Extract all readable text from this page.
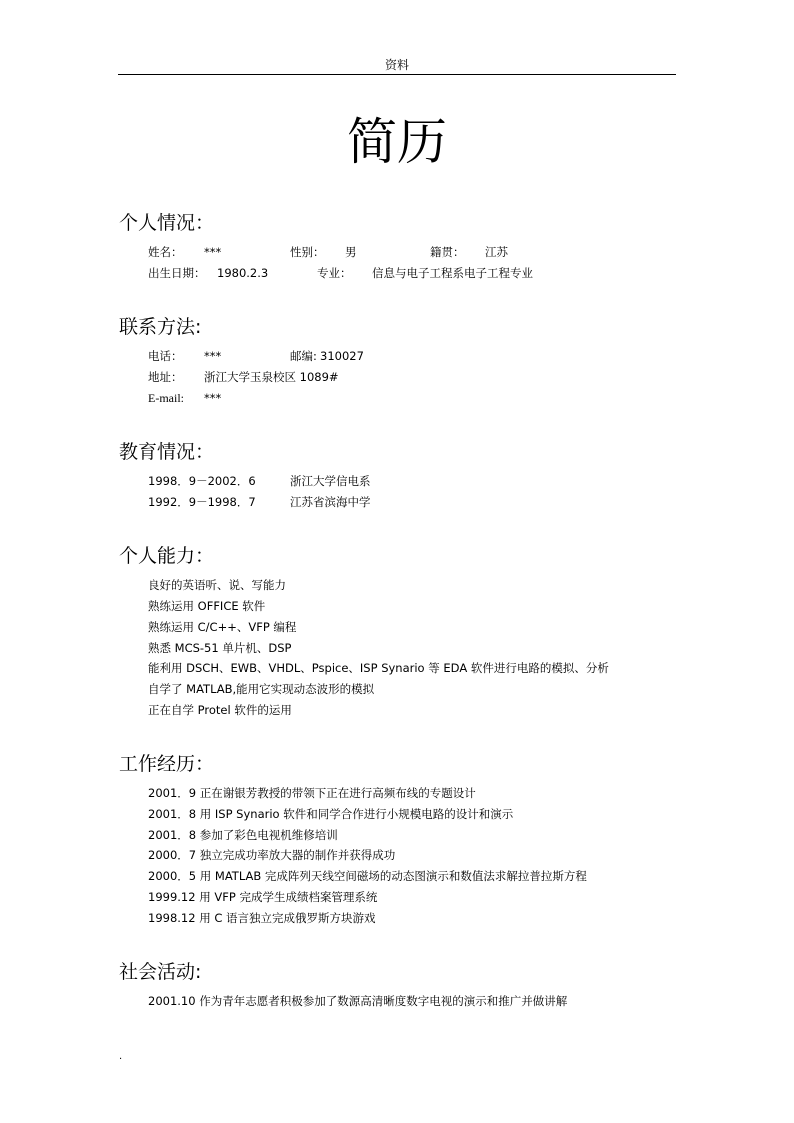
资料
简历
个人情况：
姓名： ***	性别： 男	籍贯： 江苏
出生日期： 1980.2.3	专业： 信息与电子工程系电子工程专业
联系方法:
电话： ***	邮编: 310027
地址： 浙江大学玉泉校区 1089#
E-mail: ***
教育情况：
1998．9－2002．6	浙江大学信电系
1992．9－1998．7	江苏省滨海中学
个人能力：
良好的英语听、说、写能力
熟练运用 OFFICE 软件
熟练运用 C/C++、VFP 编程
熟悉 MCS-51 单片机、DSP
能利用 DSCH、EWB、VHDL、Pspice、ISP Synario 等 EDA 软件进行电路的模拟、分析
自学了 MATLAB,能用它实现动态波形的模拟
正在自学 Protel 软件的运用
工作经历：
2001．9 正在谢银芳教授的带领下正在进行高频布线的专题设计
2001．8 用 ISP Synario 软件和同学合作进行小规模电路的设计和演示
2001．8 参加了彩色电视机维修培训
2000．7 独立完成功率放大器的制作并获得成功
2000．5 用 MATLAB 完成阵列天线空间磁场的动态图演示和数值法求解拉普拉斯方程
1999.12 用 VFP 完成学生成绩档案管理系统
1998.12 用 C 语言独立完成俄罗斯方块游戏
社会活动:
2001.10 作为青年志愿者积极参加了数源高清晰度数字电视的演示和推广并做讲解
.
